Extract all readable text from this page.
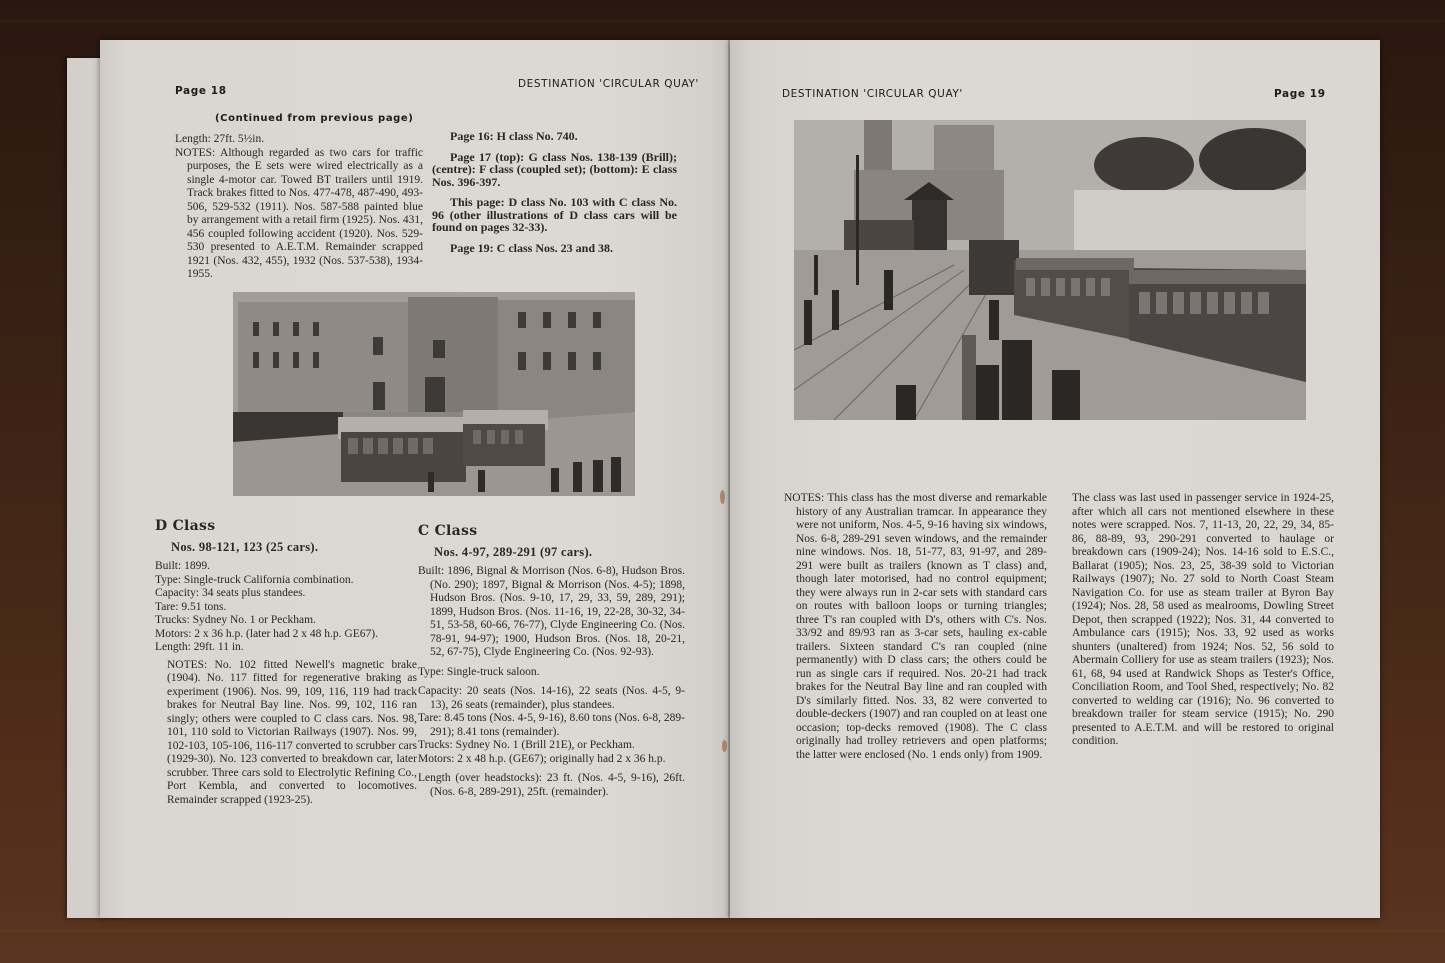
Page 18
DESTINATION 'CIRCULAR QUAY'
(Continued from previous page)

Length: 27ft. 5½in.

NOTES: Although regarded as two cars for traffic purposes, the E sets were wired electrically as a single 4-motor car. Towed BT trailers until 1919. Track brakes fitted to Nos. 477-478, 487-490, 493-506, 529-532 (1911). Nos. 587-588 painted blue by arrangement with a retail firm (1925). Nos. 431, 456 coupled following accident (1920). Nos. 529-530 presented to A.E.T.M. Remainder scrapped 1921 (Nos. 432, 455), 1932 (Nos. 537-538), 1934-1955.

Page 16: H class No. 740.

Page 17 (top): G class Nos. 138-139 (Brill); (centre): F class (coupled set); (bottom): E class Nos. 396-397.

This page: D class No. 103 with C class No. 96 (other illustrations of D class cars will be found on pages 32-33).

Page 19: C class Nos. 23 and 38.

D Class
Nos. 98-121, 123 (25 cars).

Built: 1899.

Type: Single-truck California combination.

Capacity: 34 seats plus standees.

Tare: 9.51 tons.

Trucks: Sydney No. 1 or Peckham.

Motors: 2 x 36 h.p. (later had 2 x 48 h.p. GE67).

Length: 29ft. 11 in.

NOTES: No. 102 fitted Newell's magnetic brake (1904). No. 117 fitted for regenerative braking as experiment (1906). Nos. 99, 109, 116, 119 had track brakes for Neutral Bay line. Nos. 99, 102, 116 ran singly; others were coupled to C class cars. Nos. 98, 101, 110 sold to Victorian Railways (1907). Nos. 99, 102-103, 105-106, 116-117 converted to scrubber cars (1929-30). No. 123 converted to breakdown car, later scrubber. Three cars sold to Electrolytic Refining Co., Port Kembla, and converted to locomotives. Remainder scrapped (1923-25).

C Class
Nos. 4-97, 289-291 (97 cars).

Built: 1896, Bignal & Morrison (Nos. 6-8), Hudson Bros. (No. 290); 1897, Bignal & Morrison (Nos. 4-5); 1898, Hudson Bros. (Nos. 9-10, 17, 29, 33, 59, 289, 291); 1899, Hudson Bros. (Nos. 11-16, 19, 22-28, 30-32, 34-51, 53-58, 60-66, 76-77), Clyde Engineering Co. (Nos. 78-91, 94-97); 1900, Hudson Bros. (Nos. 18, 20-21, 52, 67-75), Clyde Engineering Co. (Nos. 92-93).

Type: Single-truck saloon.

Capacity: 20 seats (Nos. 14-16), 22 seats (Nos. 4-5, 9-13), 26 seats (remainder), plus standees.

Tare: 8.45 tons (Nos. 4-5, 9-16), 8.60 tons (Nos. 6-8, 289-291); 8.41 tons (remainder).

Trucks: Sydney No. 1 (Brill 21E), or Peckham.

Motors: 2 x 48 h.p. (GE67); originally had 2 x 36 h.p.

Length (over headstocks): 23 ft. (Nos. 4-5, 9-16), 26ft. (Nos. 6-8, 289-291), 25ft. (remainder).

DESTINATION 'CIRCULAR QUAY'	Page 19

NOTES: This class has the most diverse and remarkable history of any Australian tramcar. In appearance they were not uniform, Nos. 4-5, 9-16 having six windows, Nos. 6-8, 289-291 seven windows, and the remainder nine windows. Nos. 18, 51-77, 83, 91-97, and 289-291 were built as trailers (known as T class) and, though later motorised, had no control equipment; they were always run in 2-car sets with standard cars on routes with balloon loops or turning triangles; three T's ran coupled with D's, others with C's. Nos. 33/92 and 89/93 ran as 3-car sets, hauling ex-cable trailers. Sixteen standard C's ran coupled (nine permanently) with D class cars; the others could be run as single cars if required. Nos. 20-21 had track brakes for the Neutral Bay line and ran coupled with D's similarly fitted. Nos. 33, 82 were converted to double-deckers (1907) and ran coupled on at least one occasion; top-decks removed (1908). The C class originally had trolley retrievers and open platforms; the latter were enclosed (No. 1 ends only) from 1909.

The class was last used in passenger service in 1924-25, after which all cars not mentioned elsewhere in these notes were scrapped. Nos. 7, 11-13, 20, 22, 29, 34, 85-86, 88-89, 93, 290-291 converted to haulage or breakdown cars (1909-24); Nos. 14-16 sold to E.S.C., Ballarat (1905); Nos. 23, 25, 38-39 sold to Victorian Railways (1907); No. 27 sold to North Coast Steam Navigation Co. for use as steam trailer at Byron Bay (1924); Nos. 28, 58 used as mealrooms, Dowling Street Depot, then scrapped (1922); Nos. 31, 44 converted to Ambulance cars (1915); Nos. 33, 92 used as works shunters (unaltered) from 1924; Nos. 52, 56 sold to Abermain Colliery for use as steam trailers (1923); Nos. 61, 68, 94 used at Randwick Shops as Tester's Office, Conciliation Room, and Tool Shed, respectively; No. 82 converted to welding car (1916); No. 96 converted to breakdown trailer for steam service (1915); No. 290 presented to A.E.T.M. and will be restored to original condition.
